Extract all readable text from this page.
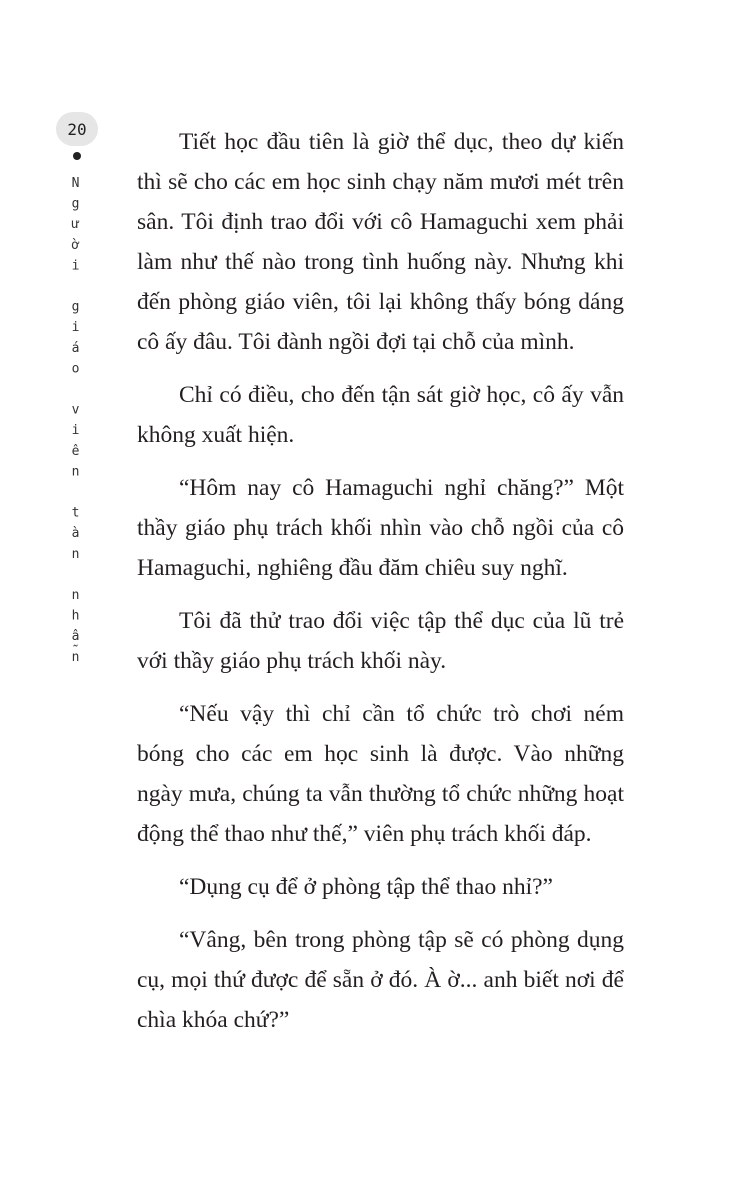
20
Người giáo viên tàn nhẫn

Tiết học đầu tiên là giờ thể dục, theo dự kiến thì sẽ cho các em học sinh chạy năm mươi mét trên sân. Tôi định trao đổi với cô Hamaguchi xem phải làm như thế nào trong tình huống này. Nhưng khi đến phòng giáo viên, tôi lại không thấy bóng dáng cô ấy đâu. Tôi đành ngồi đợi tại chỗ của mình.

Chỉ có điều, cho đến tận sát giờ học, cô ấy vẫn không xuất hiện.

“Hôm nay cô Hamaguchi nghỉ chăng?” Một thầy giáo phụ trách khối nhìn vào chỗ ngồi của cô Hamaguchi, nghiêng đầu đăm chiêu suy nghĩ.

Tôi đã thử trao đổi việc tập thể dục của lũ trẻ với thầy giáo phụ trách khối này.

“Nếu vậy thì chỉ cần tổ chức trò chơi ném bóng cho các em học sinh là được. Vào những ngày mưa, chúng ta vẫn thường tổ chức những hoạt động thể thao như thế,” viên phụ trách khối đáp.

“Dụng cụ để ở phòng tập thể thao nhỉ?”

“Vâng, bên trong phòng tập sẽ có phòng dụng cụ, mọi thứ được để sẵn ở đó. À ờ... anh biết nơi để chìa khóa chứ?”
